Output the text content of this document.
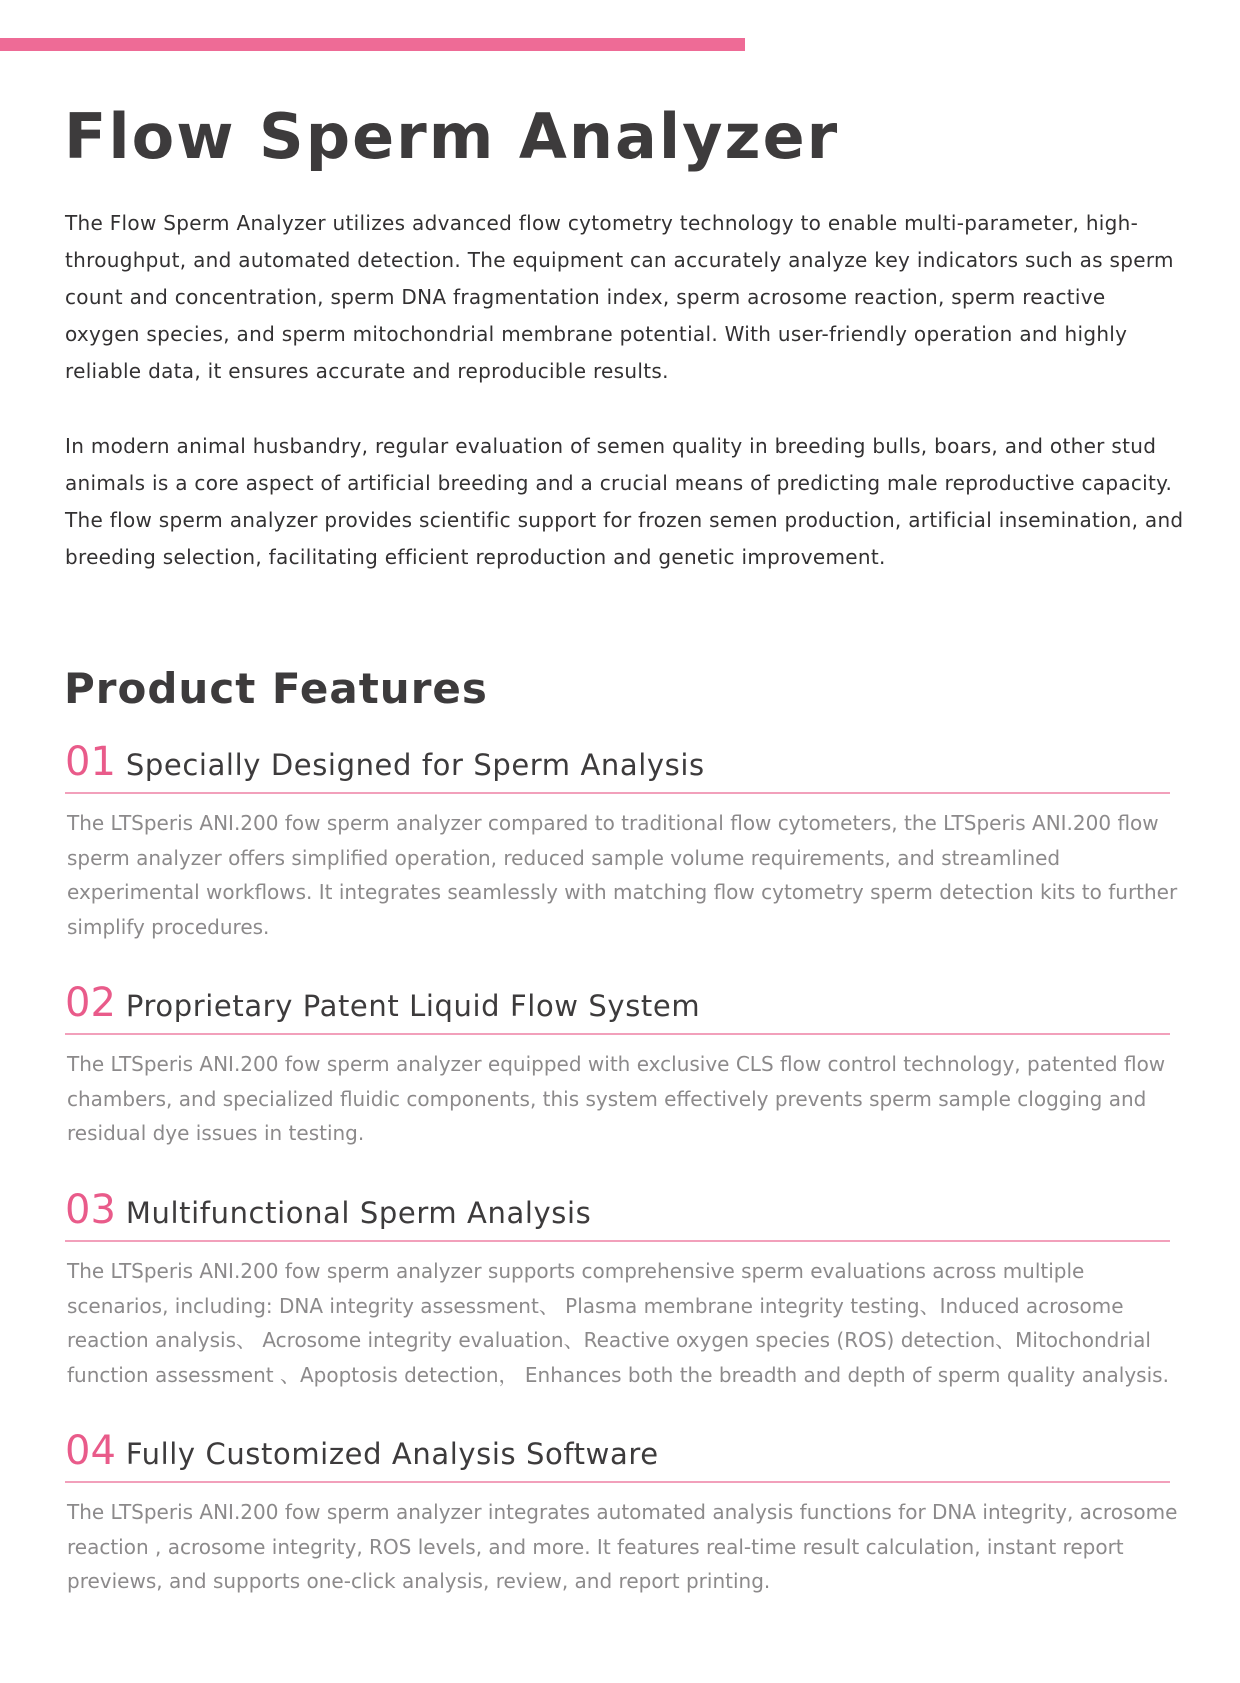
Flow Sperm Analyzer

The Flow Sperm Analyzer utilizes advanced flow cytometry technology to enable multi-parameter, high-throughput, and automated detection. The equipment can accurately analyze key indicators such as sperm count and concentration, sperm DNA fragmentation index, sperm acrosome reaction, sperm reactive oxygen species, and sperm mitochondrial membrane potential. With user-friendly operation and highly reliable data, it ensures accurate and reproducible results.

In modern animal husbandry, regular evaluation of semen quality in breeding bulls, boars, and other stud animals is a core aspect of artificial breeding and a crucial means of predicting male reproductive capacity. The flow sperm analyzer provides scientific support for frozen semen production, artificial insemination, and breeding selection, facilitating efficient reproduction and genetic improvement.

Product Features
01 Specially Designed for Sperm Analysis

The LTSperis ANI.200 fow sperm analyzer compared to traditional flow cytometers, the LTSperis ANI.200 flow sperm analyzer offers simplified operation, reduced sample volume requirements, and streamlined experimental workflows. It integrates seamlessly with matching flow cytometry sperm detection kits to further simplify procedures.

02 Proprietary Patent Liquid Flow System

The LTSperis ANI.200 fow sperm analyzer equipped with exclusive CLS flow control technology, patented flow chambers, and specialized fluidic components, this system effectively prevents sperm sample clogging and residual dye issues in testing.

03 Multifunctional Sperm Analysis

The LTSperis ANI.200 fow sperm analyzer supports comprehensive sperm evaluations across multiple scenarios, including: DNA integrity assessment、 Plasma membrane integrity testing、Induced acrosome reaction analysis、 Acrosome integrity evaluation、Reactive oxygen species (ROS) detection、Mitochondrial function assessment 、Apoptosis detection， Enhances both the breadth and depth of sperm quality analysis.

04 Fully Customized Analysis Software

The LTSperis ANI.200 fow sperm analyzer integrates automated analysis functions for DNA integrity, acrosome reaction , acrosome integrity, ROS levels, and more. It features real-time result calculation, instant report previews, and supports one-click analysis, review, and report printing.
